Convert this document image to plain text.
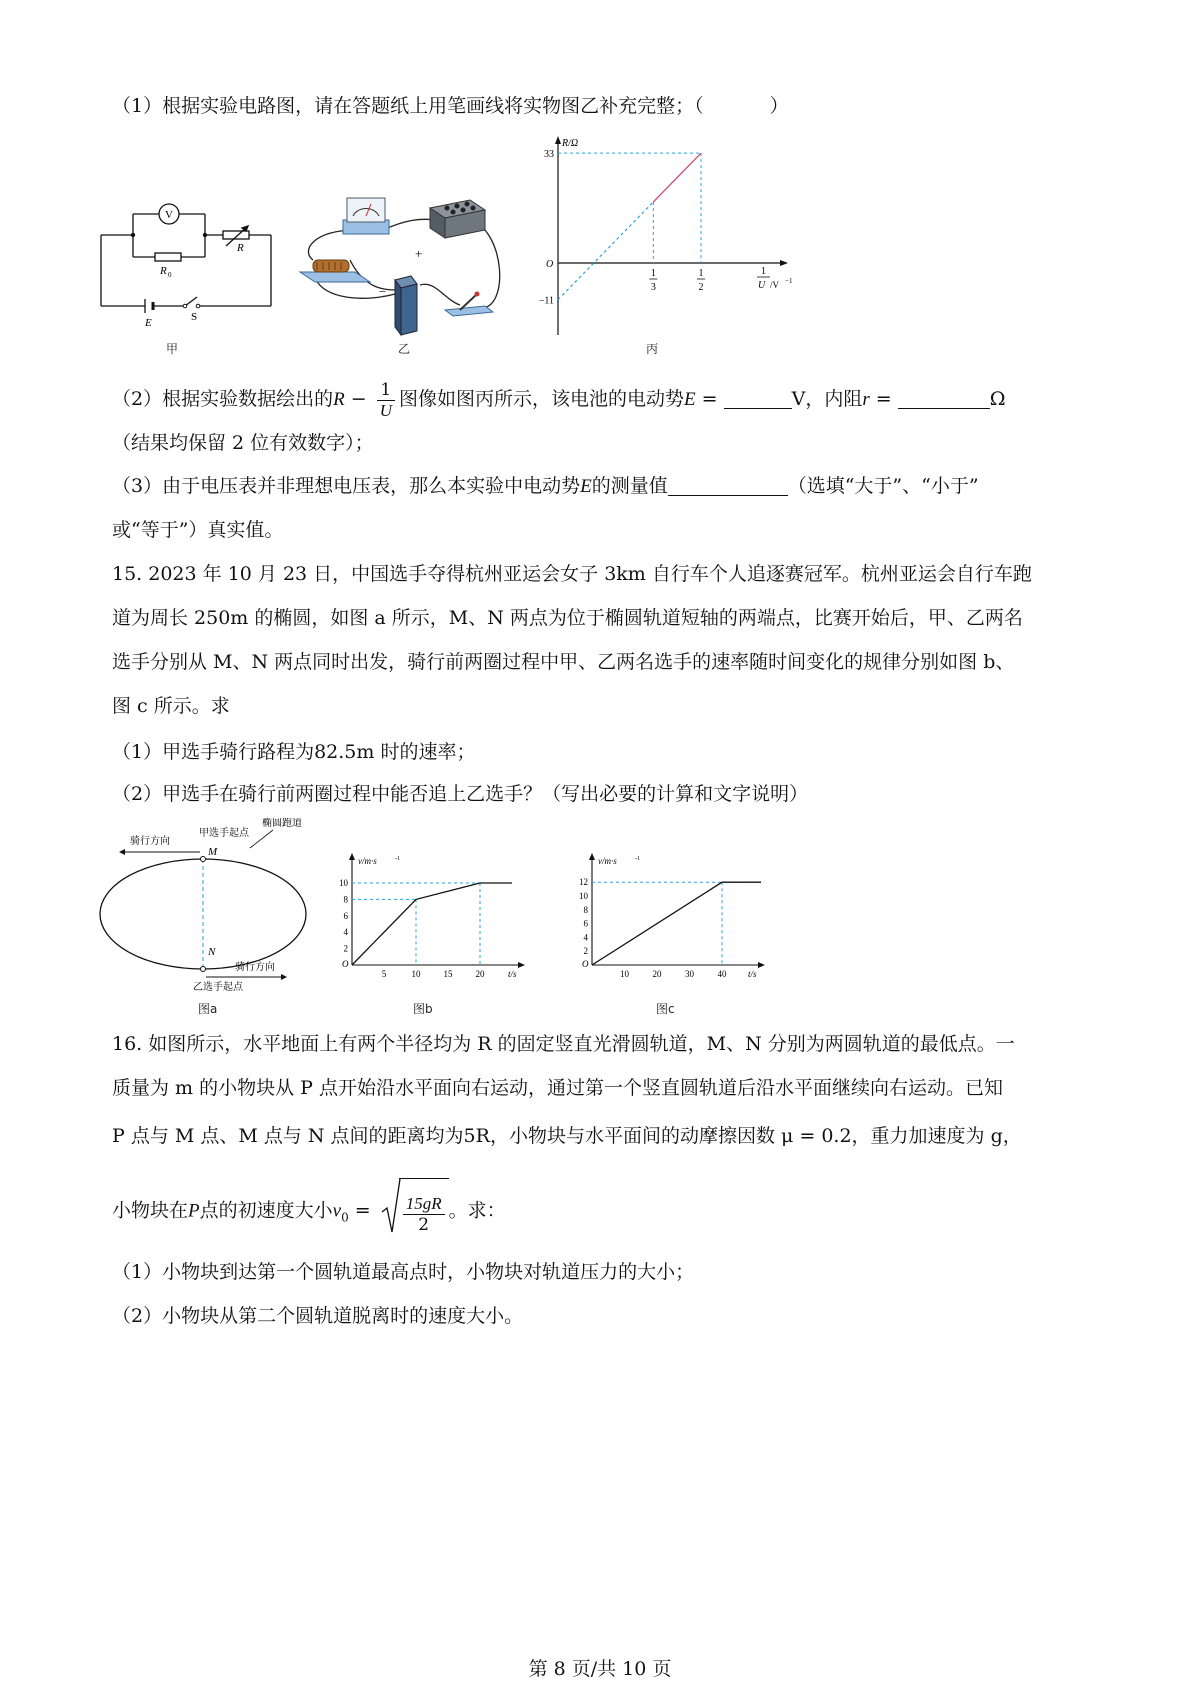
（1）根据实验电路图，请在答题纸上用笔画线将实物图乙补充完整；（	）
V
R 0
R
E	S
甲
+
−
乙
R/Ω
O
1
U /V −1
33
−11
1
3
1
2
丙
（2）根据实验数据绘出的$R - \frac{1}{U}$ 图像如图丙所示，该电池的电动势E =	V，内阻r =	Ω
（结果均保留 2 位有效数字）；
（3）由于电压表并非理想电压表，那么本实验中电动势E的测量值	（选填“大于”、“小于”
或“等于”）真实值。
15. 2023 年 10 月 23 日，中国选手夺得杭州亚运会女子 3km 自行车个人追逐赛冠军。杭州亚运会自行车跑
道为周长 250m 的椭圆，如图 a 所示，M、N 两点为位于椭圆轨道短轴的两端点，比赛开始后，甲、乙两名
选手分别从 M、N 两点同时出发，骑行前两圈过程中甲、乙两名选手的速率随时间变化的规律分别如图 b、
图 c 所示。求
（1）甲选手骑行路程为82.5m 时的速率；
（2）甲选手在骑行前两圈过程中能否追上乙选手？（写出必要的计算和文字说明）
骑行方向
甲选手起点
椭圆跑道
M
N
骑行方向
乙选手起点
图a
v/m·s	-1
t/s
O
2
4
6
8
10
5	10	15	20
图b
v/m·s	-1
t/s
O
2
4
6
8
10
12
10	20	30	40
图c
16. 如图所示，水平地面上有两个半径均为 R 的固定竖直光滑圆轨道，M、N 分别为两圆轨道的最低点。一
质量为 m 的小物块从 P 点开始沿水平面向右运动，通过第一个竖直圆轨道后沿水平面继续向右运动。已知
P 点与 M 点、M 点与 N 点间的距离均为5R，小物块与水平面间的动摩擦因数 μ = 0.2，重力加速度为 g，
小物块在P点的初速度大小$v_0 = \frac{15gR}{2}$ 。求：
（1）小物块到达第一个圆轨道最高点时，小物块对轨道压力的大小；
（2）小物块从第二个圆轨道脱离时的速度大小。
第 8 页/共 10 页
